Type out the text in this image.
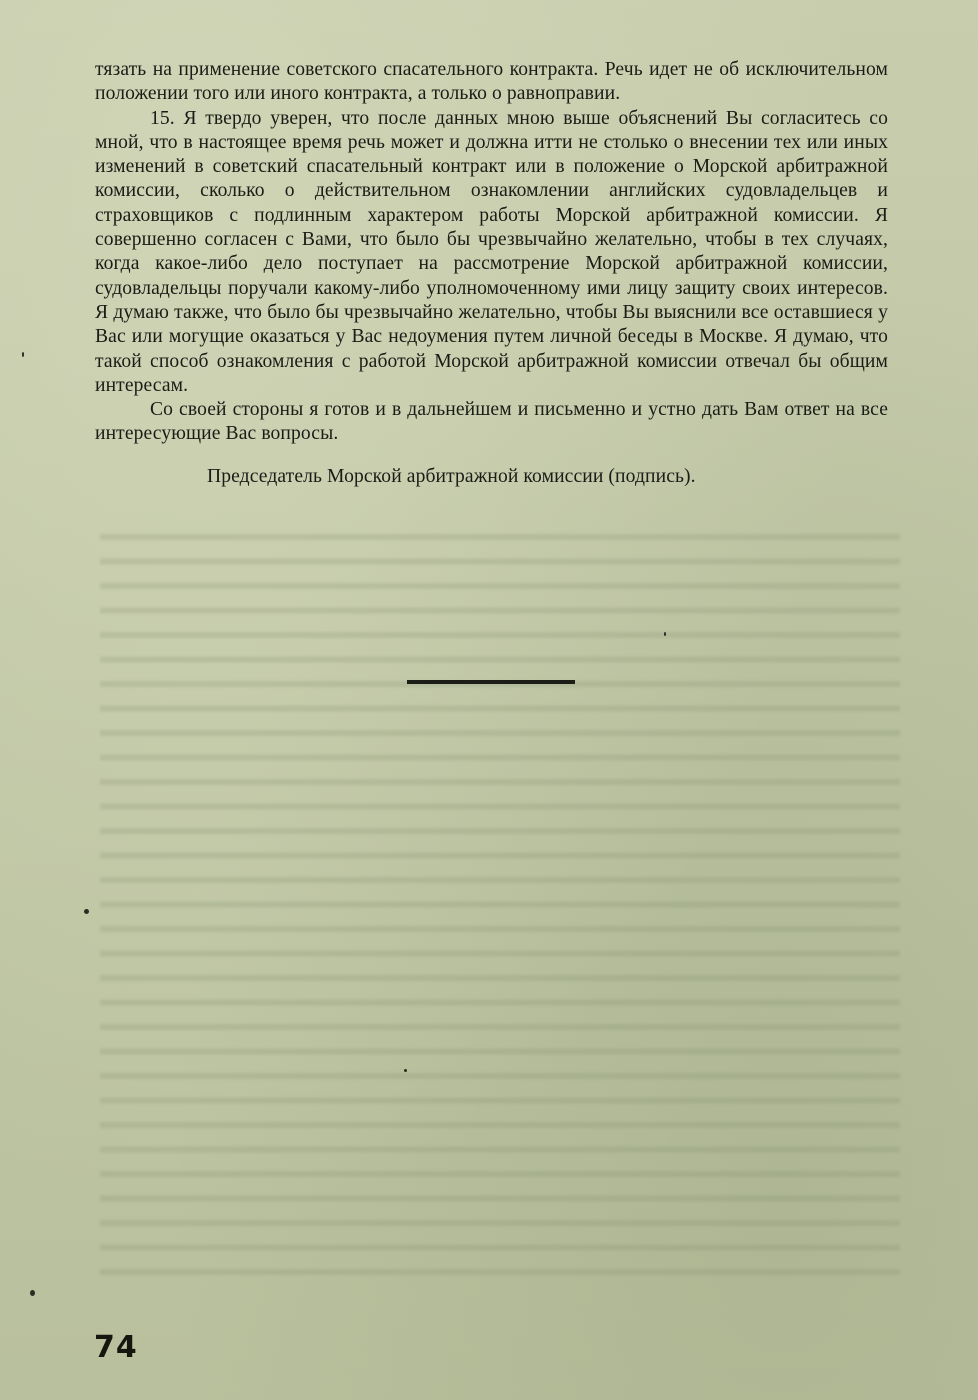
тязать на применение советского спасательного контракта. Речь идет не об исключительном положении того или иного контракта, а только о равноправии.

15. Я твердо уверен, что после данных мною выше объяснений Вы согласитесь со мной, что в настоящее время речь может и должна итти не столько о внесении тех или иных изменений в советский спасательный контракт или в положение о Морской арбитражной комиссии, сколько о действительном ознакомлении английских судовладельцев и страховщиков с подлинным характером работы Морской арбитражной комиссии. Я совершенно согласен с Вами, что было бы чрезвычайно желательно, чтобы в тех случаях, когда какое-либо дело поступает на рассмотрение Морской арбитражной комиссии, судовладельцы поручали какому-либо уполномоченному ими лицу защиту своих интересов. Я думаю также, что было бы чрезвычайно желательно, чтобы Вы выяснили все оставшиеся у Вас или могущие оказаться у Вас недоумения путем личной беседы в Москве. Я думаю, что такой способ ознакомления с работой Морской арбитражной комиссии отвечал бы общим интересам.

Со своей стороны я готов и в дальнейшем и письменно и устно дать Вам ответ на все интересующие Вас вопросы.

Председатель Морской арбитражной комиссии (подпись).

74
